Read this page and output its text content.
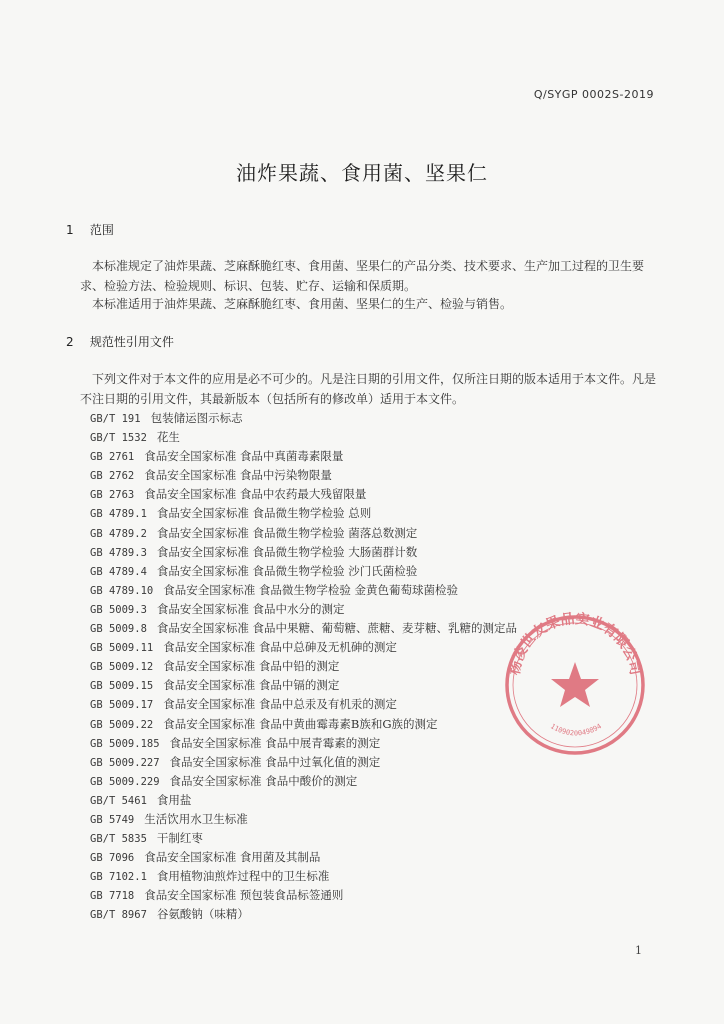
Q/SYGP 0002S-2019
油炸果蔬、食用菌、坚果仁
1 范围
本标准规定了油炸果蔬、芝麻酥脆红枣、食用菌、坚果仁的产品分类、技术要求、生产加工过程的卫生要求、检验方法、检验规则、标识、包装、贮存、运输和保质期。
本标准适用于油炸果蔬、芝麻酥脆红枣、食用菌、坚果仁的生产、检验与销售。
2 规范性引用文件
下列文件对于本文件的应用是必不可少的。凡是注日期的引用文件，仅所注日期的版本适用于本文件。凡是不注日期的引用文件，其最新版本（包括所有的修改单）适用于本文件。
GB/T 191 包装储运图示标志
GB/T 1532 花生
GB 2761 食品安全国家标准 食品中真菌毒素限量
GB 2762 食品安全国家标准 食品中污染物限量
GB 2763 食品安全国家标准 食品中农药最大残留限量
GB 4789.1 食品安全国家标准 食品微生物学检验 总则
GB 4789.2 食品安全国家标准 食品微生物学检验 菌落总数测定
GB 4789.3 食品安全国家标准 食品微生物学检验 大肠菌群计数
GB 4789.4 食品安全国家标准 食品微生物学检验 沙门氏菌检验
GB 4789.10 食品安全国家标准 食品微生物学检验 金黄色葡萄球菌检验
GB 5009.3 食品安全国家标准 食品中水分的测定
GB 5009.8 食品安全国家标准 食品中果糖、葡萄糖、蔗糖、麦芽糖、乳糖的测定品
GB 5009.11 食品安全国家标准 食品中总砷及无机砷的测定
GB 5009.12 食品安全国家标准 食品中铅的测定
GB 5009.15 食品安全国家标准 食品中镉的测定
GB 5009.17 食品安全国家标准 食品中总汞及有机汞的测定
GB 5009.22 食品安全国家标准 食品中黄曲霉毒素B族和G族的测定
GB 5009.185 食品安全国家标准 食品中展青霉素的测定
GB 5009.227 食品安全国家标准 食品中过氧化值的测定
GB 5009.229 食品安全国家标准 食品中酸价的测定
GB/T 5461 食用盐
GB 5749 生活饮用水卫生标准
GB/T 5835 干制红枣
GB 7096 食品安全国家标准 食用菌及其制品
GB 7102.1 食用植物油煎炸过程中的卫生标准
GB 7718 食品安全国家标准 预包装食品标签通则
GB/T 8967 谷氨酸钠（味精）
杨凌世友果品实业有限公司
1109020049894
1
